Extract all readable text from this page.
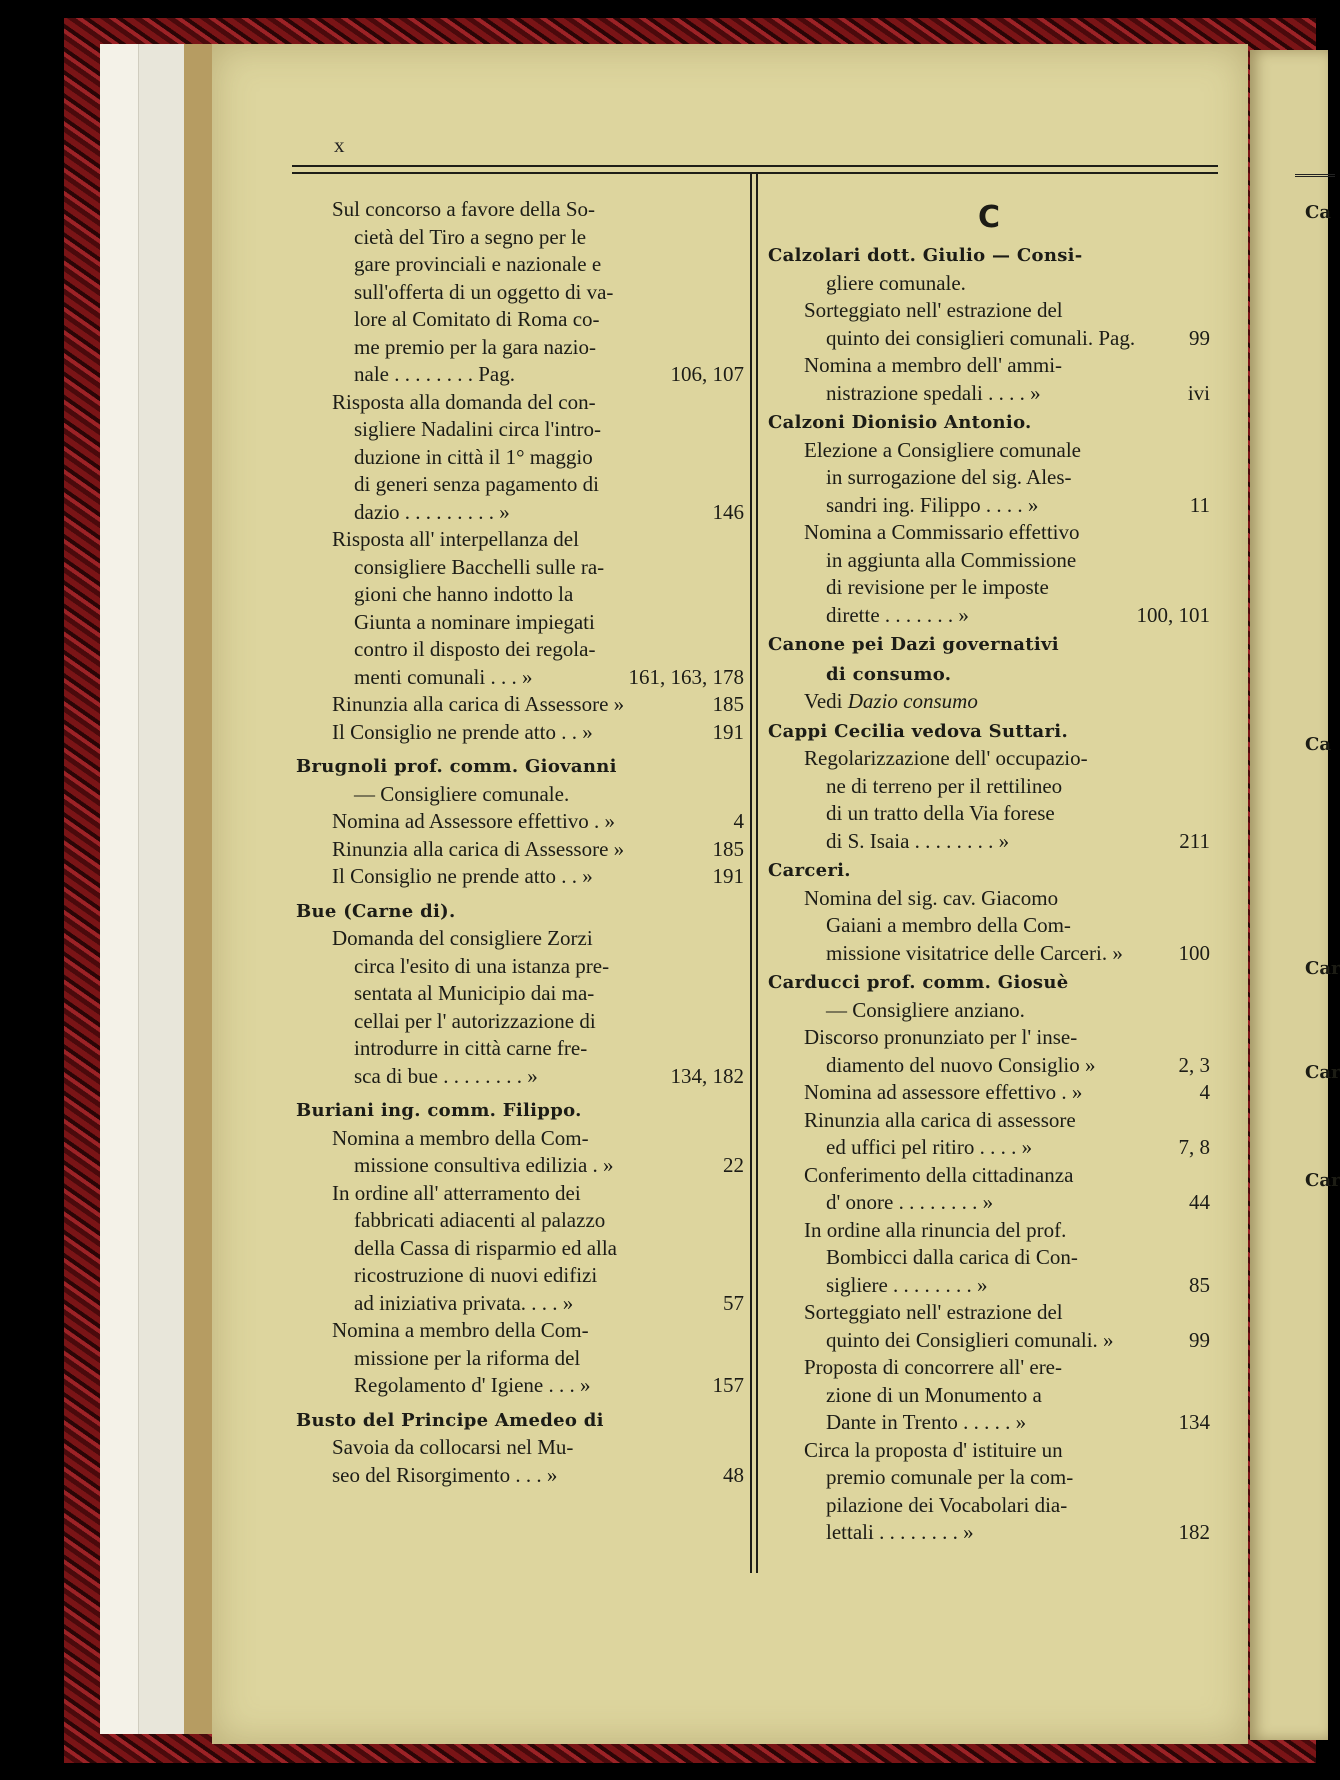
Ca
Ca
Car
Car
Car
x
Sul concorso a favore della So-
cietà del Tiro a segno per le
gare provinciali e nazionale e
sull'offerta di un oggetto di va-
lore al Comitato di Roma co-
me premio per la gara nazio-
nale . . . . . . . . Pag.	106, 107
Risposta alla domanda del con-
sigliere Nadalini circa l'intro-
duzione in città il 1° maggio
di generi senza pagamento di
dazio . . . . . . . . . »	146
Risposta all' interpellanza del
consigliere Bacchelli sulle ra-
gioni che hanno indotto la
Giunta a nominare impiegati
contro il disposto dei regola-
menti comunali . . . »	161, 163, 178
Rinunzia alla carica di Assessore »	185
Il Consiglio ne prende atto . . »	191
Brugnoli prof. comm. Giovanni
— Consigliere comunale.
Nomina ad Assessore effettivo . »	4
Rinunzia alla carica di Assessore »	185
Il Consiglio ne prende atto . . »	191
Bue (Carne di).
Domanda del consigliere Zorzi
circa l'esito di una istanza pre-
sentata al Municipio dai ma-
cellai per l' autorizzazione di
introdurre in città carne fre-
sca di bue . . . . . . . . »	134, 182
Buriani ing. comm. Filippo.
Nomina a membro della Com-
missione consultiva edilizia . »	22
In ordine all' atterramento dei
fabbricati adiacenti al palazzo
della Cassa di risparmio ed alla
ricostruzione di nuovi edifizi
ad iniziativa privata. . . . »	57
Nomina a membro della Com-
missione per la riforma del
Regolamento d' Igiene . . . »	157
Busto del Principe Amedeo di
Savoia da collocarsi nel Mu-
seo del Risorgimento . . . »	48
C
Calzolari dott. Giulio — Consi-
gliere comunale.
Sorteggiato nell' estrazione del
quinto dei consiglieri comunali. Pag.	99
Nomina a membro dell' ammi-
nistrazione spedali . . . . »	ivi
Calzoni Dionisio Antonio.
Elezione a Consigliere comunale
in surrogazione del sig. Ales-
sandri ing. Filippo . . . . »	11
Nomina a Commissario effettivo
in aggiunta alla Commissione
di revisione per le imposte
dirette . . . . . . . »	100, 101
Canone pei Dazi governativi
di consumo.
Vedi Dazio consumo
Cappi Cecilia vedova Suttari.
Regolarizzazione dell' occupazio-
ne di terreno per il rettilineo
di un tratto della Via forese
di S. Isaia . . . . . . . . »	211
Carceri.
Nomina del sig. cav. Giacomo
Gaiani a membro della Com-
missione visitatrice delle Carceri. »	100
Carducci prof. comm. Giosuè
— Consigliere anziano.
Discorso pronunziato per l' inse-
diamento del nuovo Consiglio »	2, 3
Nomina ad assessore effettivo . »	4
Rinunzia alla carica di assessore
ed uffici pel ritiro . . . . »	7, 8
Conferimento della cittadinanza
d' onore . . . . . . . . »	44
In ordine alla rinuncia del prof.
Bombicci dalla carica di Con-
sigliere . . . . . . . . »	85
Sorteggiato nell' estrazione del
quinto dei Consiglieri comunali. »	99
Proposta di concorrere all' ere-
zione di un Monumento a
Dante in Trento . . . . . »	134
Circa la proposta d' istituire un
premio comunale per la com-
pilazione dei Vocabolari dia-
lettali . . . . . . . . »	182
